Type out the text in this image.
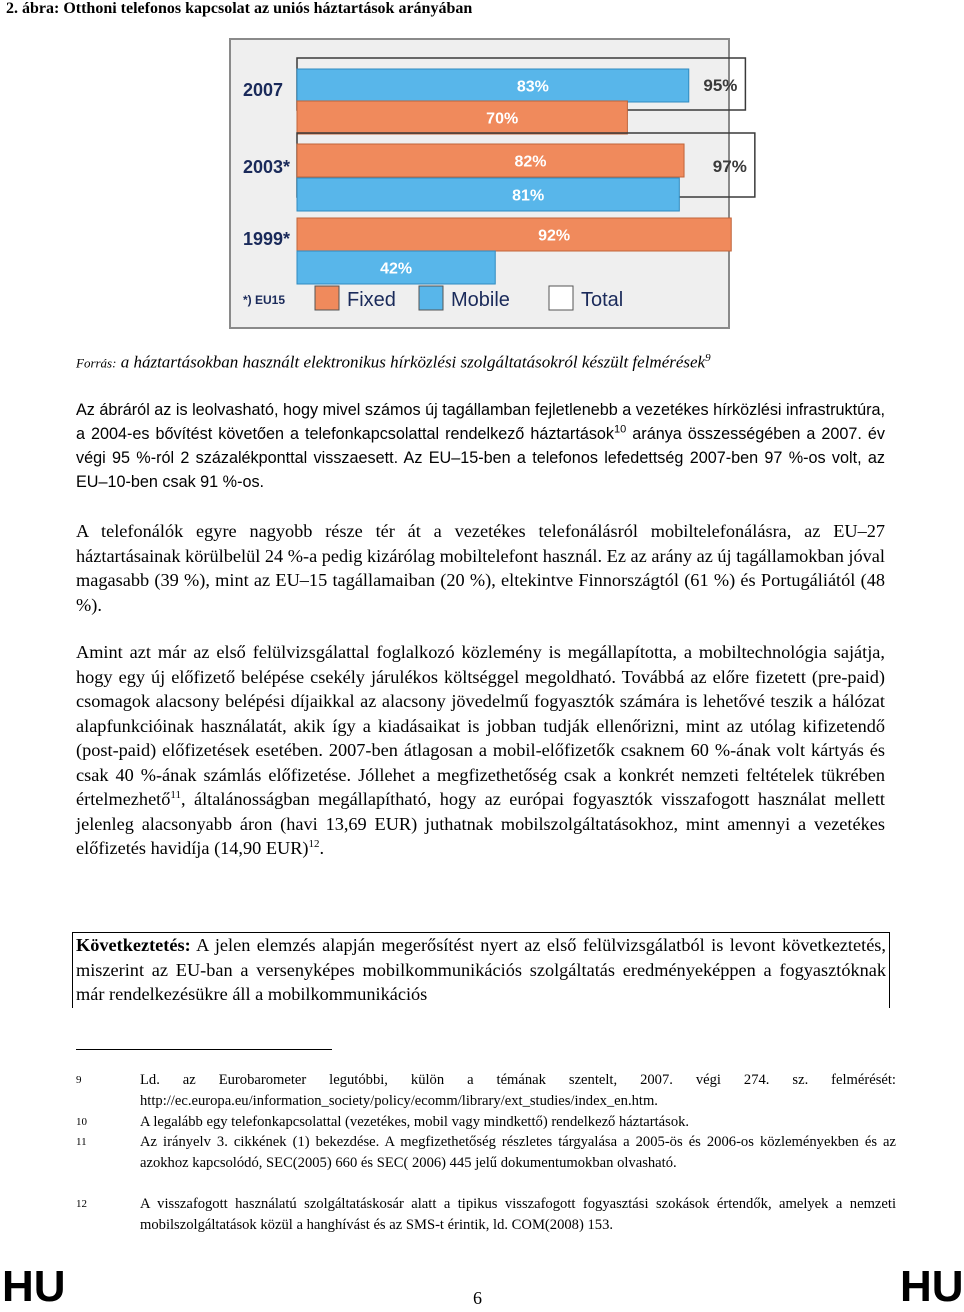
2. ábra: Otthoni telefonos kapcsolat az uniós háztartások arányában
95%
83%
70%
2007
97%
82%
81%
2003*
92%
42%
1999*
*) EU15	Fixed	Mobile	Total
Forrás: a háztartásokban használt elektronikus hírközlési szolgáltatásokról készült felmérések$^9$
Az ábráról az is leolvasható, hogy mivel számos új tagállamban fejletlenebb a vezetékes hírközlési infrastruktúra, a 2004-es bővítést követően a telefonkapcsolattal rendelkező háztartások$^{10}$ aránya összességében a 2007. év végi 95 %-ról 2 százalékponttal visszaesett. Az EU–15-ben a telefonos lefedettség 2007-ben 97 %-os volt, az EU–10-ben csak 91 %-os.
A telefonálók egyre nagyobb része tér át a vezetékes telefonálásról mobiltelefonálásra, az EU–27 háztartásainak körülbelül 24 %-a pedig kizárólag mobiltelefont használ. Ez az arány az új tagállamokban jóval magasabb (39 %), mint az EU–15 tagállamaiban (20 %), eltekintve Finnországtól (61 %) és Portugáliától (48 %).
Amint azt már az első felülvizsgálattal foglalkozó közlemény is megállapította, a mobiltechnológia sajátja, hogy egy új előfizető belépése csekély járulékos költséggel megoldható. Továbbá az előre fizetett (pre-paid) csomagok alacsony belépési díjaikkal az alacsony jövedelmű fogyasztók számára is lehetővé teszik a hálózat alapfunkcióinak használatát, akik így a kiadásaikat is jobban tudják ellenőrizni, mint az utólag kifizetendő (post-paid) előfizetések esetében. 2007-ben átlagosan a mobil-előfizetők csaknem 60 %-ának volt kártyás és csak 40 %-ának számlás előfizetése. Jóllehet a megfizethetőség csak a konkrét nemzeti feltételek tükrében értelmezhető$^{11}$, általánosságban megállapítható, hogy az európai fogyasztók visszafogott használat mellett jelenleg alacsonyabb áron (havi 13,69 EUR) juthatnak mobilszolgáltatásokhoz, mint amennyi a vezetékes előfizetés havidíja (14,90 EUR)$^{12}$.
Következtetés: A jelen elemzés alapján megerősítést nyert az első felülvizsgálatból is levont következtetés, miszerint az EU-ban a versenyképes mobilkommunikációs szolgáltatás eredményeképpen a fogyasztóknak már rendelkezésükre áll a mobilkommunikációs
9	Ld. az Eurobarometer legutóbbi, külön a témának szentelt, 2007. végi 274. sz. felmérését: http://ec.europa.eu/information_society/policy/ecomm/library/ext_studies/index_en.htm.
10	A legalább egy telefonkapcsolattal (vezetékes, mobil vagy mindkettő) rendelkező háztartások.
11	Az irányelv 3. cikkének (1) bekezdése. A megfizethetőség részletes tárgyalása a 2005-ös és 2006-os közleményekben és az azokhoz kapcsolódó, SEC(2005) 660 és SEC( 2006) 445 jelű dokumentumokban olvasható.
12	A visszafogott használatú szolgáltatáskosár alatt a tipikus visszafogott fogyasztási szokások értendők, amelyek a nemzeti mobilszolgáltatások közül a hanghívást és az SMS-t érintik, ld. COM(2008) 153.
HU	6	HU
